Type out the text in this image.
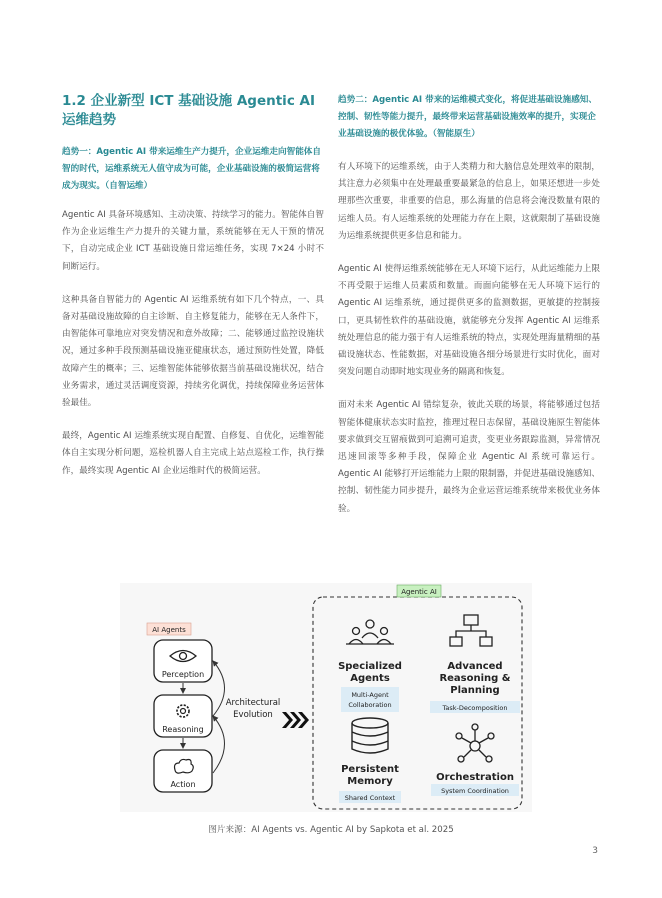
1.2 企业新型 ICT 基础设施 Agentic AI 运维趋势
趋势一：Agentic AI 带来运维生产力提升，企业运维走向智能体自智的时代，运维系统无人值守成为可能，企业基础设施的极简运营将成为现实。（自智运维）

Agentic AI 具备环境感知、主动决策、持续学习的能力。智能体自智作为企业运维生产力提升的关键力量，系统能够在无人干预的情况下，自动完成企业 ICT 基础设施日常运维任务，实现 7×24 小时不间断运行。

这种具备自智能力的 Agentic AI 运维系统有如下几个特点，一、具备对基础设施故障的自主诊断、自主修复能力，能够在无人条件下，由智能体可靠地应对突发情况和意外故障；二、能够通过监控设施状况，通过多种手段预测基础设施亚健康状态，通过预防性处置，降低故障产生的概率；三、运维智能体能够依据当前基础设施状况，结合业务需求，通过灵活调度资源，持续劣化调优，持续保障业务运营体验最佳。

最终，Agentic AI 运维系统实现自配置、自修复、自优化，运维智能体自主实现分析问题，巡检机器人自主完成上站点巡检工作，执行操作，最终实现 Agentic AI 企业运维时代的极简运营。

趋势二：Agentic AI 带来的运维模式变化，将促进基础设施感知、控制、韧性等能力提升，最终带来运营基础设施效率的提升，实现企业基础设施的极优体验。（智能原生）

有人环境下的运维系统，由于人类精力和大脑信息处理效率的限制，其注意力必须集中在处理最重要最紧急的信息上，如果还想进一步处理那些次重要，非重要的信息，那么海量的信息将会淹没数量有限的运维人员。有人运维系统的处理能力存在上限，这就限制了基础设施为运维系统提供更多信息和能力。

Agentic AI 使得运维系统能够在无人环境下运行，从此运维能力上限不再受限于运维人员素质和数量。而面向能够在无人环境下运行的 Agentic AI 运维系统，通过提供更多的监测数据，更敏捷的控制接口，更具韧性软件的基础设施，就能够充分发挥 Agentic AI 运维系统处理信息的能力强于有人运维系统的特点，实现处理海量精细的基础设施状态、性能数据，对基础设施各细分场景进行实时优化，面对突发问题自动即时地实现业务的隔离和恢复。

面对未来 Agentic AI 错综复杂，彼此关联的场景，将能够通过包括智能体健康状态实时监控，推理过程日志保留，基础设施原生智能体要求做到交互留痕做到可追溯可追责，变更业务跟踪监测，异常情况迅速回滚等多种手段，保障企业 Agentic AI 系统可靠运行。Agentic AI 能够打开运维能力上限的限制器，并促进基础设施感知、控制、韧性能力同步提升，最终为企业运营运维系统带来极优业务体验。

AI Agents
Perception
Reasoning
Action
Architectural
Evolution
Agentic AI
Specialized
Agents
Multi-Agent
Collaboration
Advanced
Reasoning &
Planning
Task-Decomposition
Persistent
Memory
Shared Context
Orchestration
System Coordination
图片来源：AI Agents vs. Agentic AI by Sapkota et al. 2025
3
